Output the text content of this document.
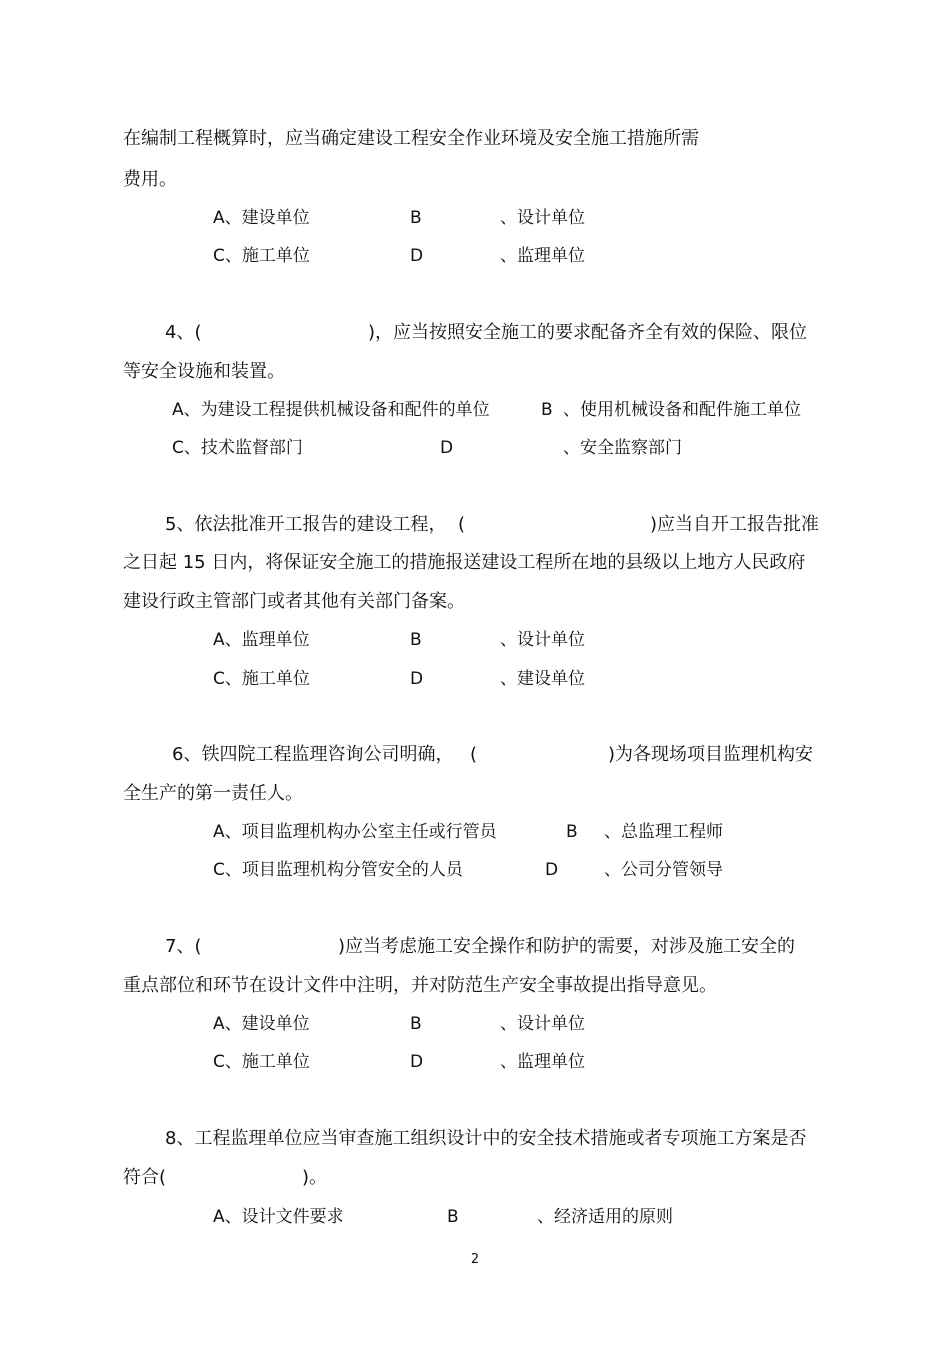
在编制工程概算时，应当确定建设工程安全作业环境及安全施工措施所需
费用。
A、建设单位	B	、设计单位
C、施工单位	D	、监理单位
4、(	)，应当按照安全施工的要求配备齐全有效的保险、限位
等安全设施和装置。
A、为建设工程提供机械设备和配件的单位	B 、使用机械设备和配件施工单位
C、技术监督部门	D	、安全监察部门
5、依法批准开工报告的建设工程， (	)应当自开工报告批准
之日起 15 日内，将保证安全施工的措施报送建设工程所在地的县级以上地方人民政府
建设行政主管部门或者其他有关部门备案。
A、监理单位	B	、设计单位
C、施工单位	D	、建设单位
6、铁四院工程监理咨询公司明确， (	)为各现场项目监理机构安
全生产的第一责任人。
A、项目监理机构办公室主任或行管员	B 、总监理工程师
C、项目监理机构分管安全的人员	D	、公司分管领导
7、(	)应当考虑施工安全操作和防护的需要，对涉及施工安全的
重点部位和环节在设计文件中注明，并对防范生产安全事故提出指导意见。
A、建设单位	B	、设计单位
C、施工单位	D	、监理单位
8、工程监理单位应当审查施工组织设计中的安全技术措施或者专项施工方案是否
符合(	)。
A、设计文件要求	B	、经济适用的原则
2
